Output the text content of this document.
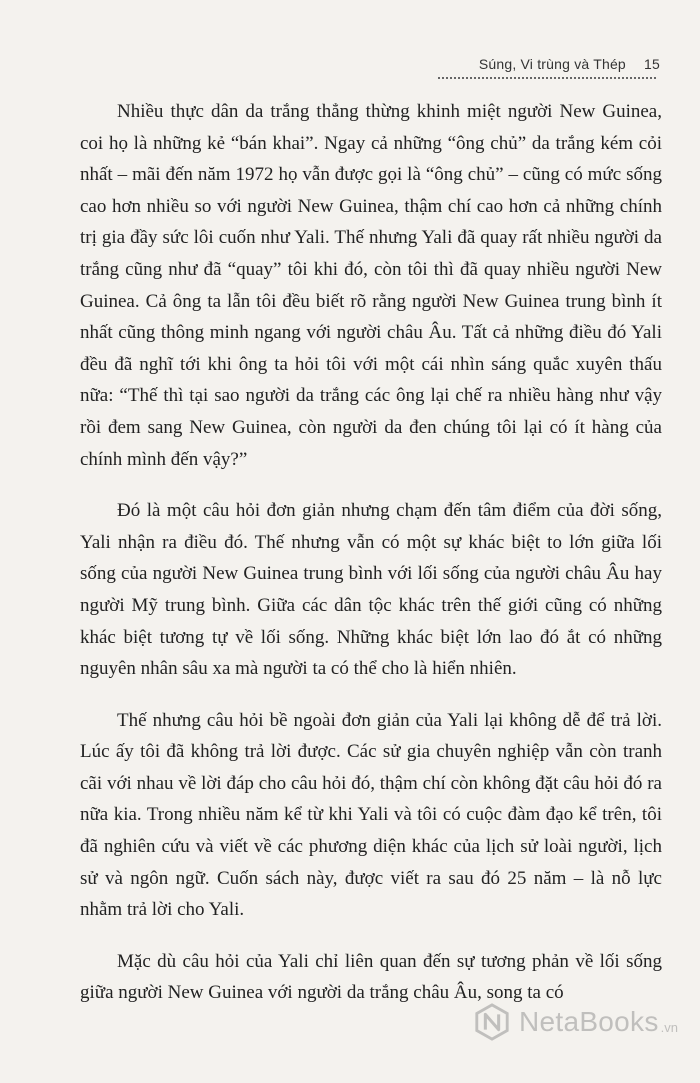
Súng, Vi trùng và Thép 15

Nhiều thực dân da trắng thẳng thừng khinh miệt người New Guinea, coi họ là những kẻ “bán khai”. Ngay cả những “ông chủ” da trắng kém cỏi nhất – mãi đến năm 1972 họ vẫn được gọi là “ông chủ” – cũng có mức sống cao hơn nhiều so với người New Guinea, thậm chí cao hơn cả những chính trị gia đầy sức lôi cuốn như Yali. Thế nhưng Yali đã quay rất nhiều người da trắng cũng như đã “quay” tôi khi đó, còn tôi thì đã quay nhiều người New Guinea. Cả ông ta lẫn tôi đều biết rõ rằng người New Guinea trung bình ít nhất cũng thông minh ngang với người châu Âu. Tất cả những điều đó Yali đều đã nghĩ tới khi ông ta hỏi tôi với một cái nhìn sáng quắc xuyên thấu nữa: “Thế thì tại sao người da trắng các ông lại chế ra nhiều hàng như vậy rồi đem sang New Guinea, còn người da đen chúng tôi lại có ít hàng của chính mình đến vậy?”

Đó là một câu hỏi đơn giản nhưng chạm đến tâm điểm của đời sống, Yali nhận ra điều đó. Thế nhưng vẫn có một sự khác biệt to lớn giữa lối sống của người New Guinea trung bình với lối sống của người châu Âu hay người Mỹ trung bình. Giữa các dân tộc khác trên thế giới cũng có những khác biệt tương tự về lối sống. Những khác biệt lớn lao đó ắt có những nguyên nhân sâu xa mà người ta có thể cho là hiển nhiên.

Thế nhưng câu hỏi bề ngoài đơn giản của Yali lại không dễ để trả lời. Lúc ấy tôi đã không trả lời được. Các sử gia chuyên nghiệp vẫn còn tranh cãi với nhau về lời đáp cho câu hỏi đó, thậm chí còn không đặt câu hỏi đó ra nữa kia. Trong nhiều năm kể từ khi Yali và tôi có cuộc đàm đạo kể trên, tôi đã nghiên cứu và viết về các phương diện khác của lịch sử loài người, lịch sử và ngôn ngữ. Cuốn sách này, được viết ra sau đó 25 năm – là nỗ lực nhằm trả lời cho Yali.

Mặc dù câu hỏi của Yali chỉ liên quan đến sự tương phản về lối sống giữa người New Guinea với người da trắng châu Âu, song ta có

NetaBooks .vn
